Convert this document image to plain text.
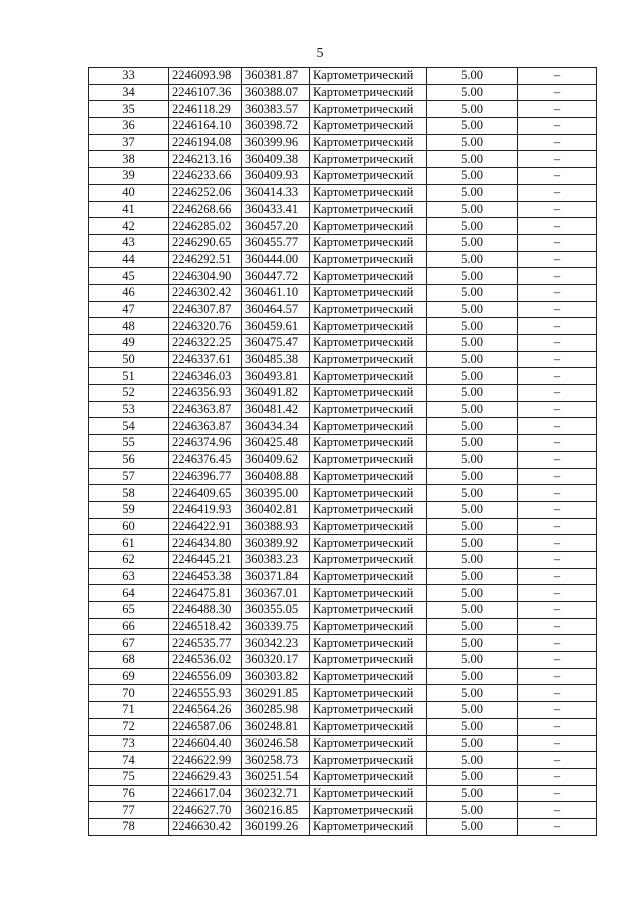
5
33	2246093.98	360381.87	Картометрический	5.00	–
34	2246107.36	360388.07	Картометрический	5.00	–
35	2246118.29	360383.57	Картометрический	5.00	–
36	2246164.10	360398.72	Картометрический	5.00	–
37	2246194.08	360399.96	Картометрический	5.00	–
38	2246213.16	360409.38	Картометрический	5.00	–
39	2246233.66	360409.93	Картометрический	5.00	–
40	2246252.06	360414.33	Картометрический	5.00	–
41	2246268.66	360433.41	Картометрический	5.00	–
42	2246285.02	360457.20	Картометрический	5.00	–
43	2246290.65	360455.77	Картометрический	5.00	–
44	2246292.51	360444.00	Картометрический	5.00	–
45	2246304.90	360447.72	Картометрический	5.00	–
46	2246302.42	360461.10	Картометрический	5.00	–
47	2246307.87	360464.57	Картометрический	5.00	–
48	2246320.76	360459.61	Картометрический	5.00	–
49	2246322.25	360475.47	Картометрический	5.00	–
50	2246337.61	360485.38	Картометрический	5.00	–
51	2246346.03	360493.81	Картометрический	5.00	–
52	2246356.93	360491.82	Картометрический	5.00	–
53	2246363.87	360481.42	Картометрический	5.00	–
54	2246363.87	360434.34	Картометрический	5.00	–
55	2246374.96	360425.48	Картометрический	5.00	–
56	2246376.45	360409.62	Картометрический	5.00	–
57	2246396.77	360408.88	Картометрический	5.00	–
58	2246409.65	360395.00	Картометрический	5.00	–
59	2246419.93	360402.81	Картометрический	5.00	–
60	2246422.91	360388.93	Картометрический	5.00	–
61	2246434.80	360389.92	Картометрический	5.00	–
62	2246445.21	360383.23	Картометрический	5.00	–
63	2246453.38	360371.84	Картометрический	5.00	–
64	2246475.81	360367.01	Картометрический	5.00	–
65	2246488.30	360355.05	Картометрический	5.00	–
66	2246518.42	360339.75	Картометрический	5.00	–
67	2246535.77	360342.23	Картометрический	5.00	–
68	2246536.02	360320.17	Картометрический	5.00	–
69	2246556.09	360303.82	Картометрический	5.00	–
70	2246555.93	360291.85	Картометрический	5.00	–
71	2246564.26	360285.98	Картометрический	5.00	–
72	2246587.06	360248.81	Картометрический	5.00	–
73	2246604.40	360246.58	Картометрический	5.00	–
74	2246622.99	360258.73	Картометрический	5.00	–
75	2246629.43	360251.54	Картометрический	5.00	–
76	2246617.04	360232.71	Картометрический	5.00	–
77	2246627.70	360216.85	Картометрический	5.00	–
78	2246630.42	360199.26	Картометрический	5.00	–
